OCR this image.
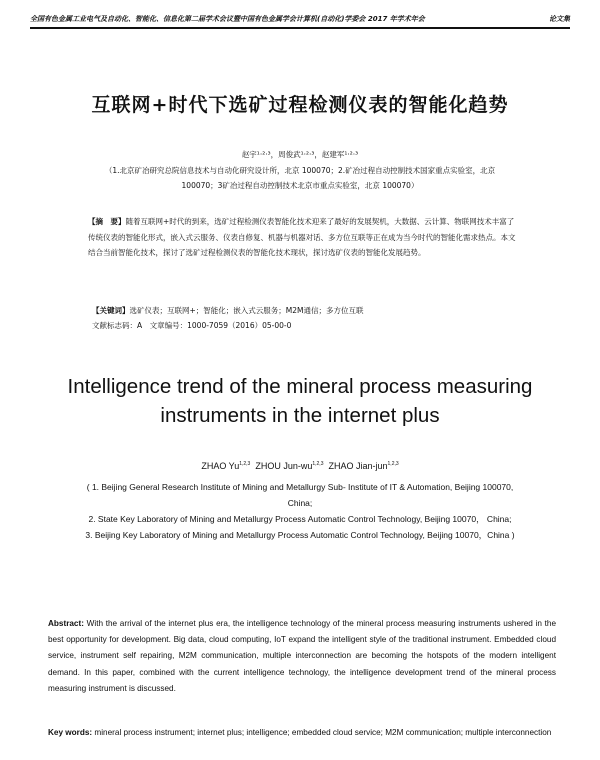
全国有色金属工业电气及自动化、智能化、信息化第二届学术会议暨中国有色金属学会计算机(自动化)学委会 2017 年学术年会	论文集
互联网+时代下选矿过程检测仪表的智能化趋势
赵宇¹·²·³，周俊武¹·²·³，赵建军¹·²·³
（1.北京矿冶研究总院信息技术与自动化研究设计所，北京 100070；2.矿冶过程自动控制技术国家重点实验室，北京 100070；3矿冶过程自动控制技术北京市重点实验室，北京 100070）
【摘　要】随着互联网+时代的到来，选矿过程检测仪表智能化技术迎来了最好的发展契机，大数据、云计算、物联网技术丰富了传统仪表的智能化形式，嵌入式云服务、仪表自修复、机器与机器对话、多方位互联等正在成为当今时代的智能化需求热点。本文结合当前智能化技术，探讨了选矿过程检测仪表的智能化技术现状，探讨选矿仪表的智能化发展趋势。
【关键词】选矿仪表；互联网+；智能化；嵌入式云服务；M2M通信；多方位互联
文献标志码：A　文章编号：1000-7059（2016）05-00-0
Intelligence trend of the mineral process measuring instruments in the internet plus
ZHAO Yu$^{1,2,3}$ ZHOU Jun-wu$^{1,2,3}$ ZHAO Jian-jun$^{1,2,3}$
( 1. Beijing General Research Institute of Mining and Metallurgy Sub- Institute of IT & Automation, Beijing 100070, China;
2. State Key Laboratory of Mining and Metallurgy Process Automatic Control Technology, Beijing 10070， China;
3. Beijing Key Laboratory of Mining and Metallurgy Process Automatic Control Technology, Beijing 10070，China )
Abstract: With the arrival of the internet plus era, the intelligence technology of the mineral process measuring instruments ushered in the best opportunity for development. Big data, cloud computing, IoT expand the intelligent style of the traditional instrument. Embedded cloud service, instrument self repairing, M2M communication, multiple interconnection are becoming the hotspots of the modern intelligent demand. In this paper, combined with the current intelligence technology, the intelligence development trend of the mineral process measuring instrument is discussed.
Key words: mineral process instrument; internet plus; intelligence; embedded cloud service; M2M communication; multiple interconnection
